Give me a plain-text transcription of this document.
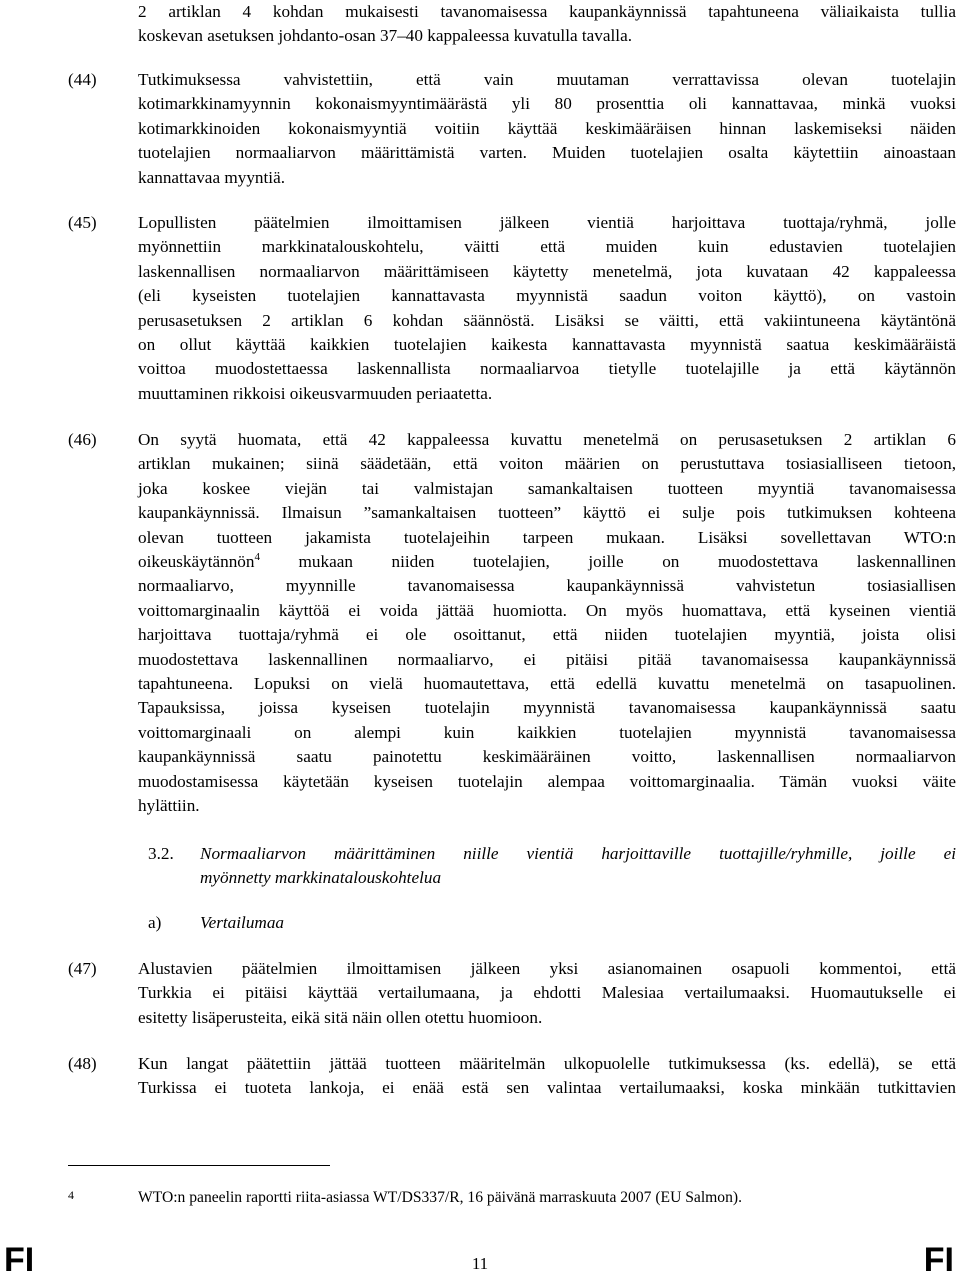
2 artiklan 4 kohdan mukaisesti tavanomaisessa kaupankäynnissä tapahtuneena väliaikaista tullia
koskevan asetuksen johdanto-osan 37–40 kappaleessa kuvatulla tavalla.
(44) Tutkimuksessa vahvistettiin, että vain muutaman verrattavissa olevan tuotelajin
kotimarkkinamyynnin kokonaismyyntimäärästä yli 80 prosenttia oli kannattavaa, minkä vuoksi
kotimarkkinoiden kokonaismyyntiä voitiin käyttää keskimääräisen hinnan laskemiseksi näiden
tuotelajien normaaliarvon määrittämistä varten. Muiden tuotelajien osalta käytettiin ainoastaan
kannattavaa myyntiä.
(45) Lopullisten päätelmien ilmoittamisen jälkeen vientiä harjoittava tuottaja/ryhmä, jolle
myönnettiin markkinatalouskohtelu, väitti että muiden kuin edustavien tuotelajien
laskennallisen normaaliarvon määrittämiseen käytetty menetelmä, jota kuvataan 42 kappaleessa
(eli kyseisten tuotelajien kannattavasta myynnistä saadun voiton käyttö), on vastoin
perusasetuksen 2 artiklan 6 kohdan säännöstä. Lisäksi se väitti, että vakiintuneena käytäntönä
on ollut käyttää kaikkien tuotelajien kaikesta kannattavasta myynnistä saatua keskimääräistä
voittoa muodostettaessa laskennallista normaaliarvoa tietylle tuotelajille ja että käytännön
muuttaminen rikkoisi oikeusvarmuuden periaatetta.
(46) On syytä huomata, että 42 kappaleessa kuvattu menetelmä on perusasetuksen 2 artiklan 6
artiklan mukainen; siinä säädetään, että voiton määrien on perustuttava tosiasialliseen tietoon,
joka koskee viejän tai valmistajan samankaltaisen tuotteen myyntiä tavanomaisessa
kaupankäynnissä. Ilmaisun ”samankaltaisen tuotteen” käyttö ei sulje pois tutkimuksen kohteena
olevan tuotteen jakamista tuotelajeihin tarpeen mukaan. Lisäksi sovellettavan WTO:n
oikeuskäytännön$^4$ mukaan niiden tuotelajien, joille on muodostettava laskennallinen
normaaliarvo, myynnille tavanomaisessa kaupankäynnissä vahvistetun tosiasiallisen
voittomarginaalin käyttöä ei voida jättää huomiotta. On myös huomattava, että kyseinen vientiä
harjoittava tuottaja/ryhmä ei ole osoittanut, että niiden tuotelajien myyntiä, joista olisi
muodostettava laskennallinen normaaliarvo, ei pitäisi pitää tavanomaisessa kaupankäynnissä
tapahtuneena. Lopuksi on vielä huomautettava, että edellä kuvattu menetelmä on tasapuolinen.
Tapauksissa, joissa kyseisen tuotelajin myynnistä tavanomaisessa kaupankäynnissä saatu
voittomarginaali on alempi kuin kaikkien tuotelajien myynnistä tavanomaisessa
kaupankäynnissä saatu painotettu keskimääräinen voitto, laskennallisen normaaliarvon
muodostamisessa käytetään kyseisen tuotelajin alempaa voittomarginaalia. Tämän vuoksi väite
hylättiin.
3.2. Normaaliarvon määrittäminen niille vientiä harjoittaville tuottajille/ryhmille, joille ei
myönnetty markkinatalouskohtelua
a) Vertailumaa
(47) Alustavien päätelmien ilmoittamisen jälkeen yksi asianomainen osapuoli kommentoi, että
Turkkia ei pitäisi käyttää vertailumaana, ja ehdotti Malesiaa vertailumaaksi. Huomautukselle ei
esitetty lisäperusteita, eikä sitä näin ollen otettu huomioon.
(48) Kun langat päätettiin jättää tuotteen määritelmän ulkopuolelle tutkimuksessa (ks. edellä), se että
Turkissa ei tuoteta lankoja, ei enää estä sen valintaa vertailumaaksi, koska minkään tutkittavien
4	WTO:n paneelin raportti riita-asiassa WT/DS337/R, 16 päivänä marraskuuta 2007 (EU Salmon).
FI	11	FI
